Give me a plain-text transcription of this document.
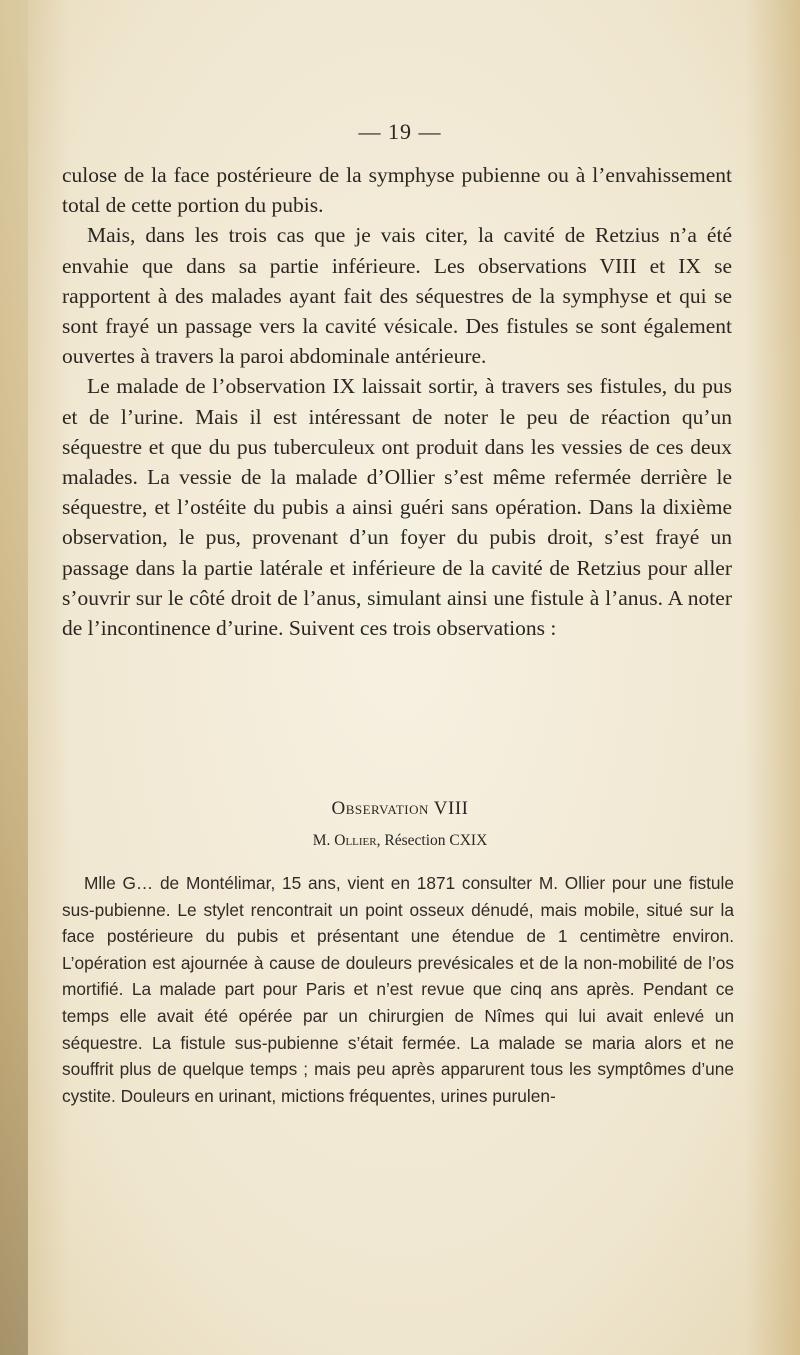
— 19 —

culose de la face postérieure de la symphyse pubienne ou à l’envahissement total de cette portion du pubis.

Mais, dans les trois cas que je vais citer, la cavité de Retzius n’a été envahie que dans sa partie inférieure. Les observations VIII et IX se rapportent à des malades ayant fait des séquestres de la symphyse et qui se sont frayé un passage vers la cavité vésicale. Des fistules se sont également ouvertes à travers la paroi abdominale antérieure.

Le malade de l’observation IX laissait sortir, à travers ses fistules, du pus et de l’urine. Mais il est intéressant de noter le peu de réaction qu’un séquestre et que du pus tuberculeux ont produit dans les vessies de ces deux malades. La vessie de la malade d’Ollier s’est même refermée derrière le séquestre, et l’ostéite du pubis a ainsi guéri sans opération. Dans la dixième observation, le pus, provenant d’un foyer du pubis droit, s’est frayé un passage dans la partie latérale et inférieure de la cavité de Retzius pour aller s’ouvrir sur le côté droit de l’anus, simulant ainsi une fistule à l’anus. A noter de l’incontinence d’urine. Suivent ces trois observations :

Observation VIII
M. Ollier, Résection CXIX

Mlle G… de Montélimar, 15 ans, vient en 1871 consulter M. Ollier pour une fistule sus-pubienne. Le stylet rencontrait un point osseux dénudé, mais mobile, situé sur la face postérieure du pubis et présentant une étendue de 1 centimètre environ. L’opération est ajournée à cause de douleurs prevésicales et de la non-mobilité de l’os mortifié. La malade part pour Paris et n’est revue que cinq ans après. Pendant ce temps elle avait été opérée par un chirurgien de Nîmes qui lui avait enlevé un séquestre. La fistule sus-pubienne s’était fermée. La malade se maria alors et ne souffrit plus de quelque temps ; mais peu après apparurent tous les symptômes d’une cystite. Douleurs en urinant, mictions fréquentes, urines purulen-
